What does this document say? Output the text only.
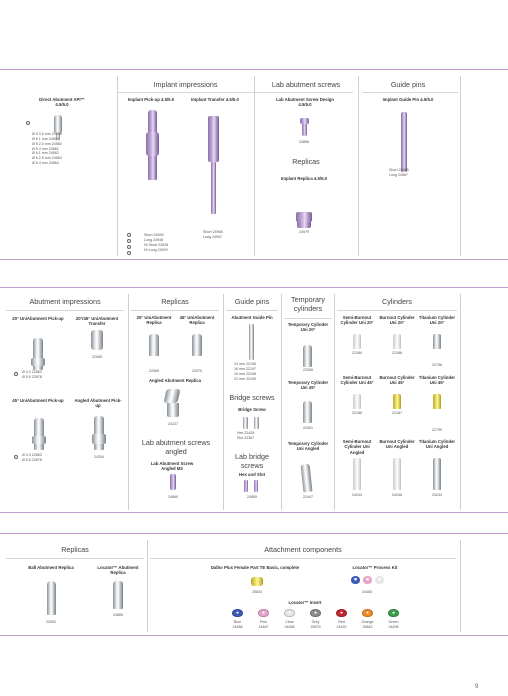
Direct Abutment API™ 4.5/5.0
Ø 5 0.5 mm 24558
Ø 6 1 mm 24559
Ø 5 2.5 mm 24560
Ø 5 4 mm 24561
Ø 6 1 mm 24562
Ø 6 2.5 mm 24563
Ø 6 4 mm 24564
Implant impressions
Implant Pick-up 4.5/5.0
Short 24939
Long 24946
NI Short 24928
NI Long 24929
Implant Transfer 4.5/5.0
Short 24958
Long 24957
Lab abutment screws
Lab Abutment Screw Design 4.5/5.0
24858
Replicas
Implant Replica 4.5/5.0
24979
Guide pins
Implant Guide Pin 4.5/5.0
Short 24988
Long 24967
Abutment impressions
20° UniAbutment Pick-up
Ø 4.3 22863
Ø 5.5 22878
20°/45° UniAbutment Transfer
22065
45° UniAbutment Pick-up
Ø 4.3 22863
Ø 5.5 22878
Angled Abutment Pick-up
24254
Replicas
20° UniAbutment Replica
22069
45° UniAbutment Replica
22070
Angled Abutment Replica
24227
Lab abutment screws angled
Lab Abutment Screw Angled M2
24860
Guide pins
Abutment Guide Pin
13 mm 22196
16 mm 22197
19 mm 22198
22 mm 22199
Bridge screws
Bridge Screw
Hex 22435
Slot 22367
Lab bridge screws
Hex and Slot
24859
Temporary cylinders
Temporary Cylinder Uni 20°
22069
Temporary Cylinder Uni 45°
22061
Temporary Cylinder Uni Angled
22447
Cylinders
Semi-Burnout Cylinder Uni 20°
22184
Burnout Cylinder Uni 20°
22186
Titanium Cylinder Uni 20°
22796
Semi-Burnout Cylinder Uni 45°
22185
Burnout Cylinder Uni 45°
22187
Titanium Cylinder Uni 45°
22799
Semi-Burnout Cylinder Uni Angled
24243
Burnout Cylinder Uni Angled
24248
Titanium Cylinder Uni Angled
24244
Replicas
Ball Abutment Replica
22500
Locator™ Abutment Replica
24865
Attachment components
Dalbo Plus Female Part TE Basic, complete
25834
Locator™ Process Kit
24483
Locator™ Insert
Blue
24488
Pink
24487
Clear
24486
Grey
25879
Red
24492
Orange
25843
Green
24496
9
